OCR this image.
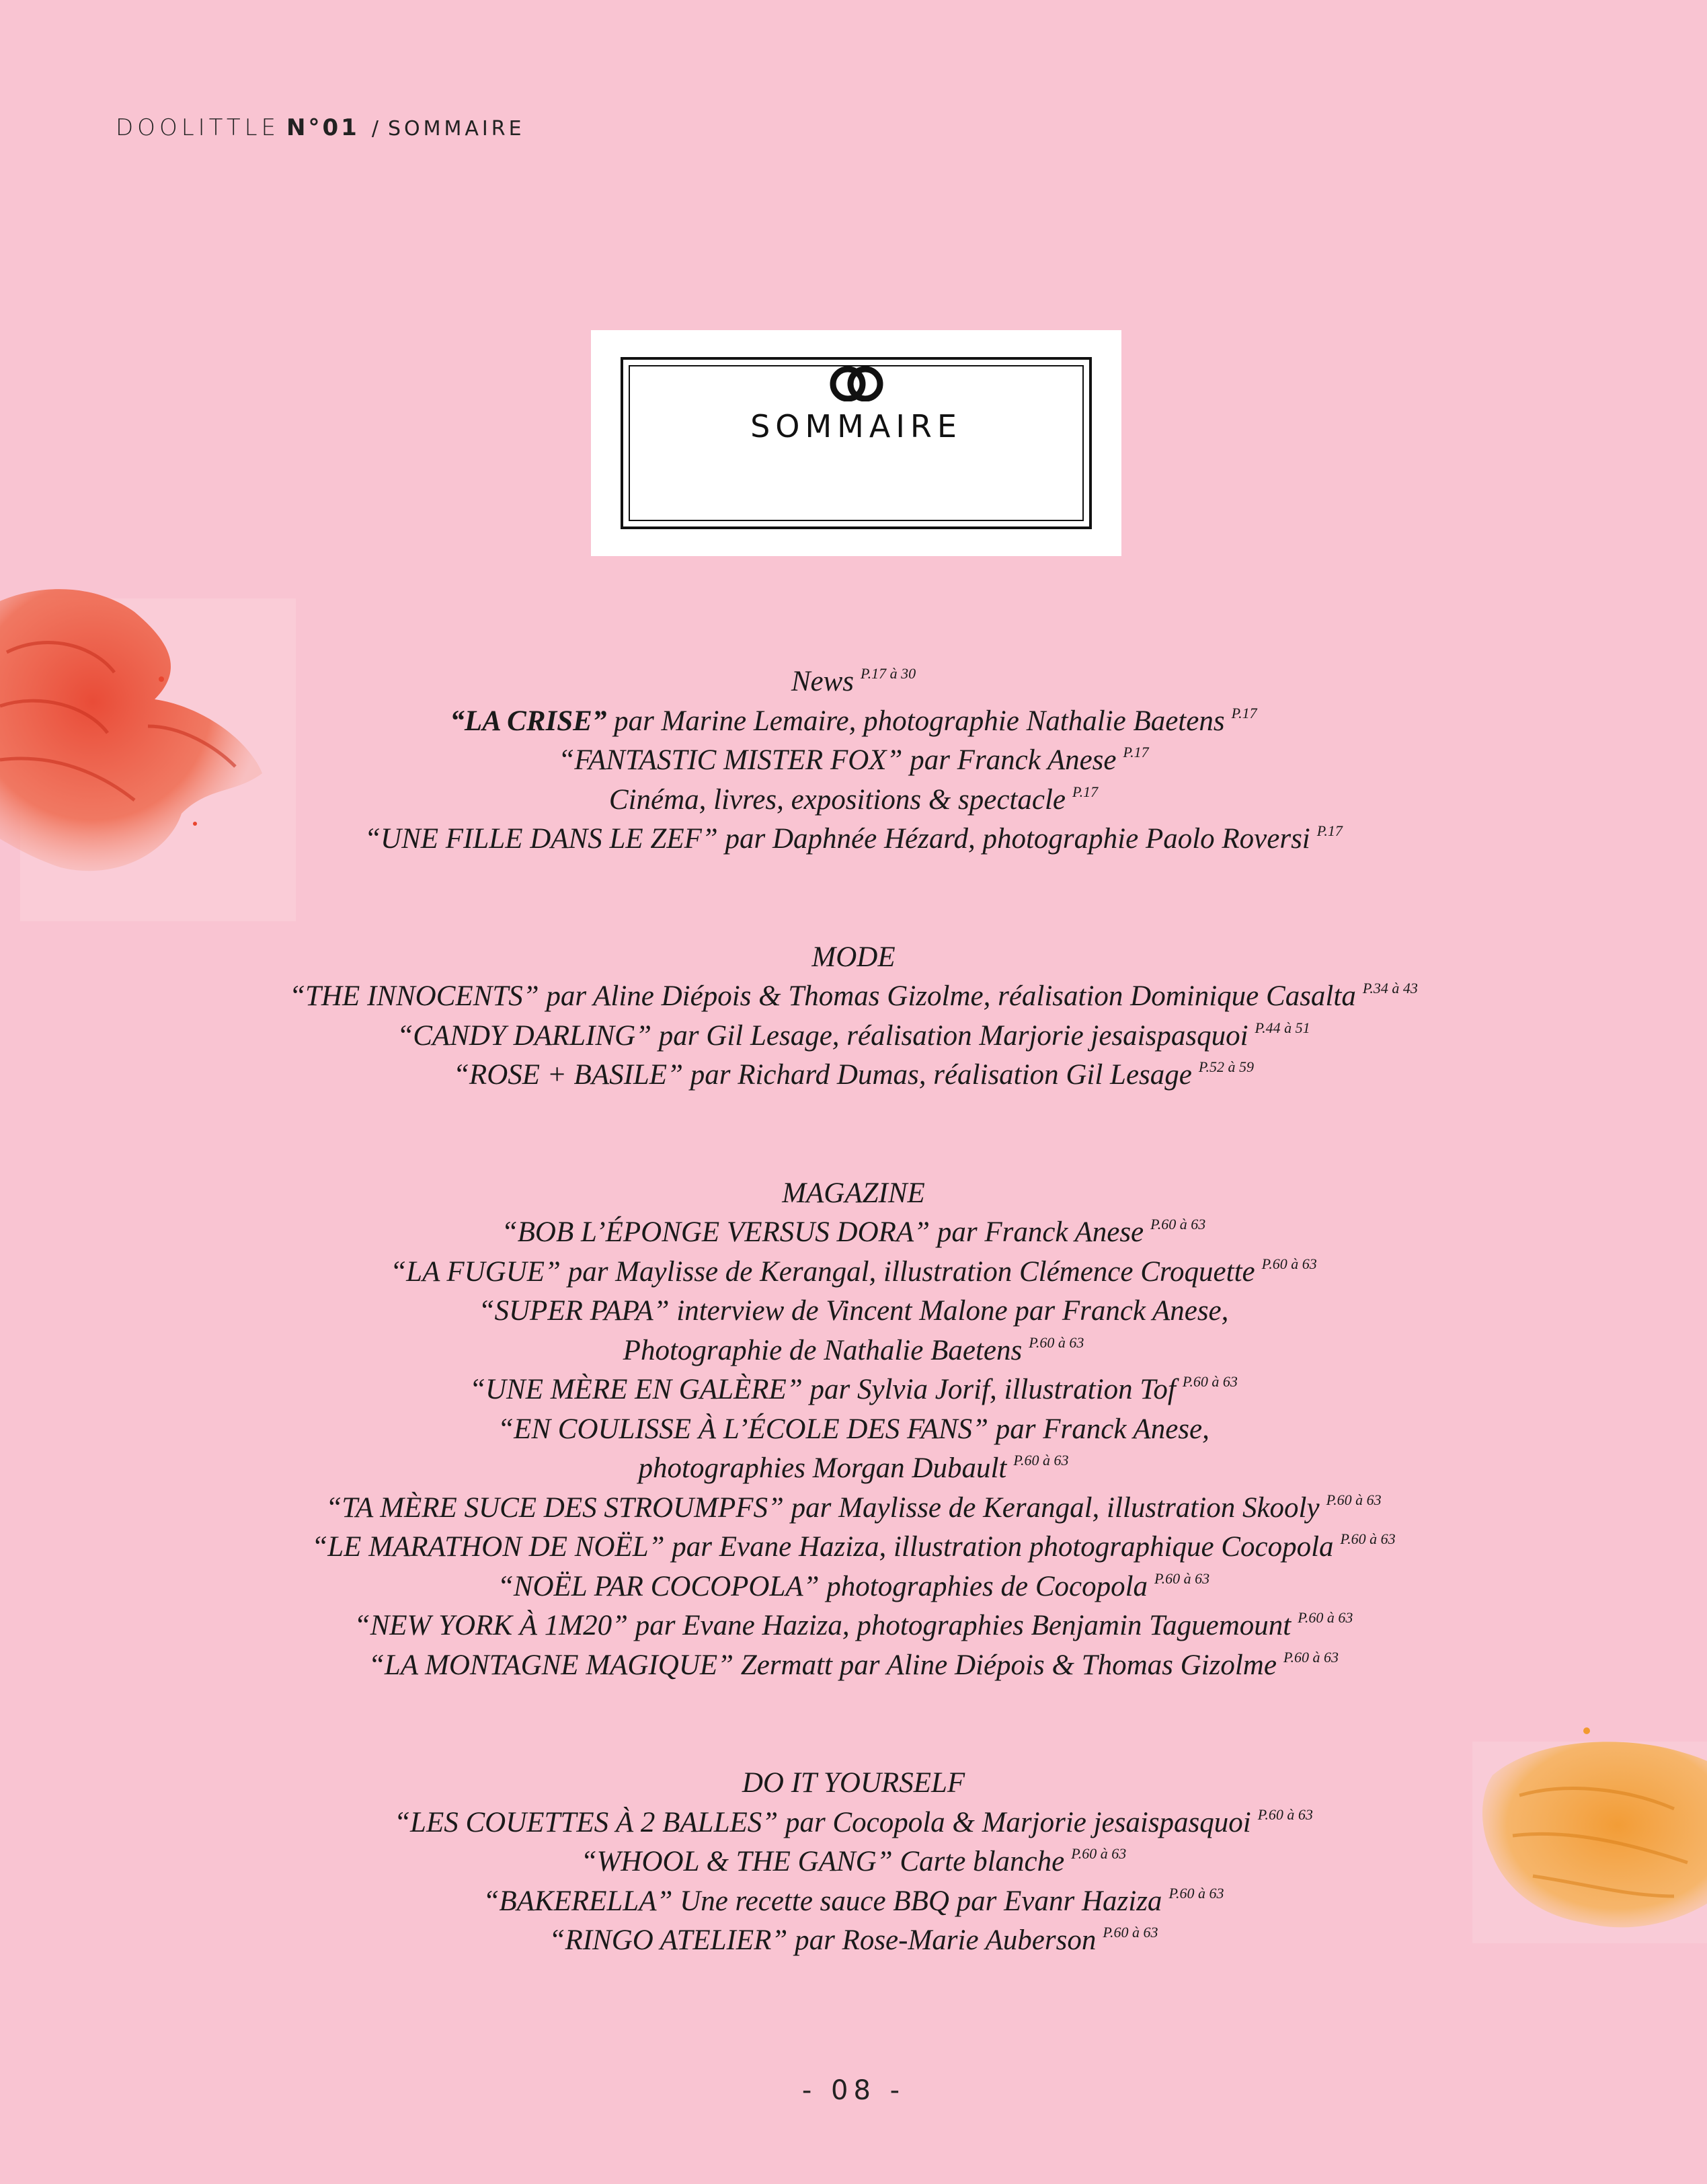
DOOLITTLE N°01 / SOMMAIRE
SOMMAIRE
News $^{P.17 à 30}$
“LA CRISE” par Marine Lemaire, photographie Nathalie Baetens $^{P.17}$
“FANTASTIC MISTER FOX” par Franck Anese $^{P.17}$
Cinéma, livres, expositions & spectacle $^{P.17}$
“UNE FILLE DANS LE ZEF” par Daphnée Hézard, photographie Paolo Roversi $^{P.17}$
MODE
“THE INNOCENTS” par Aline Diépois & Thomas Gizolme, réalisation Dominique Casalta $^{P.34 à 43}$
“CANDY DARLING” par Gil Lesage, réalisation Marjorie jesaispasquoi $^{P.44 à 51}$
“ROSE + BASILE” par Richard Dumas, réalisation Gil Lesage $^{P.52 à 59}$
MAGAZINE
“BOB L’ÉPONGE VERSUS DORA” par Franck Anese $^{P.60 à 63}$
“LA FUGUE” par Maylisse de Kerangal, illustration Clémence Croquette $^{P.60 à 63}$
“SUPER PAPA” interview de Vincent Malone par Franck Anese,
Photographie de Nathalie Baetens $^{P.60 à 63}$
“UNE MÈRE EN GALÈRE” par Sylvia Jorif, illustration Tof $^{P.60 à 63}$
“EN COULISSE À L’ÉCOLE DES FANS” par Franck Anese,
photographies Morgan Dubault $^{P.60 à 63}$
“TA MÈRE SUCE DES STROUMPFS” par Maylisse de Kerangal, illustration Skooly $^{P.60 à 63}$
“LE MARATHON DE NOËL” par Evane Haziza, illustration photographique Cocopola $^{P.60 à 63}$
“NOËL PAR COCOPOLA” photographies de Cocopola $^{P.60 à 63}$
“NEW YORK À 1M20” par Evane Haziza, photographies Benjamin Taguemount $^{P.60 à 63}$
“LA MONTAGNE MAGIQUE” Zermatt par Aline Diépois & Thomas Gizolme $^{P.60 à 63}$
DO IT YOURSELF
“LES COUETTES À 2 BALLES” par Cocopola & Marjorie jesaispasquoi $^{P.60 à 63}$
“WHOOL & THE GANG” Carte blanche $^{P.60 à 63}$
“BAKERELLA” Une recette sauce BBQ par Evanr Haziza $^{P.60 à 63}$
“RINGO ATELIER” par Rose-Marie Auberson $^{P.60 à 63}$
- 08 -
